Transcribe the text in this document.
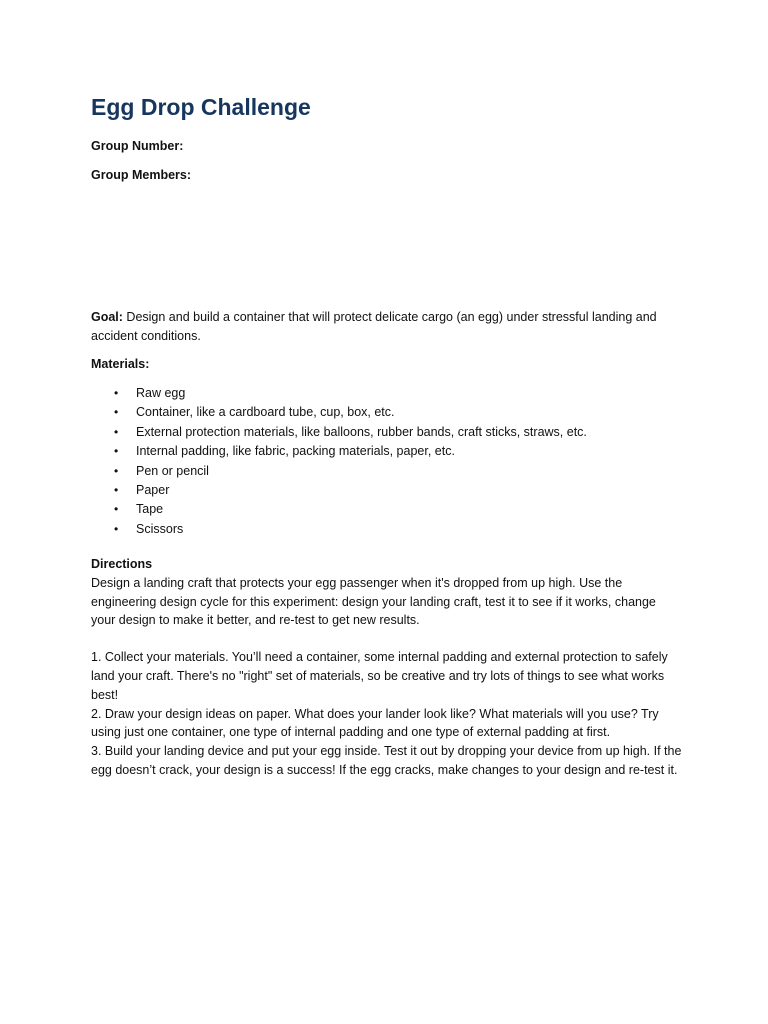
Egg Drop Challenge

Group Number:

Group Members:

Goal: Design and build a container that will protect delicate cargo (an egg) under stressful landing and accident conditions.
Materials:
• Raw egg
• Container, like a cardboard tube, cup, box, etc.
• External protection materials, like balloons, rubber bands, craft sticks, straws, etc.
• Internal padding, like fabric, packing materials, paper, etc.
• Pen or pencil
• Paper
• Tape
• Scissors
Directions

Design a landing craft that protects your egg passenger when it's dropped from up high. Use the engineering design cycle for this experiment: design your landing craft, test it to see if it works, change your design to make it better, and re-test to get new results.

1. Collect your materials. You’ll need a container, some internal padding and external protection to safely land your craft. There's no "right" set of materials, so be creative and try lots of things to see what works best!

2. Draw your design ideas on paper. What does your lander look like? What materials will you use? Try using just one container, one type of internal padding and one type of external padding at first.

3. Build your landing device and put your egg inside. Test it out by dropping your device from up high. If the egg doesn’t crack, your design is a success! If the egg cracks, make changes to your design and re-test it.
